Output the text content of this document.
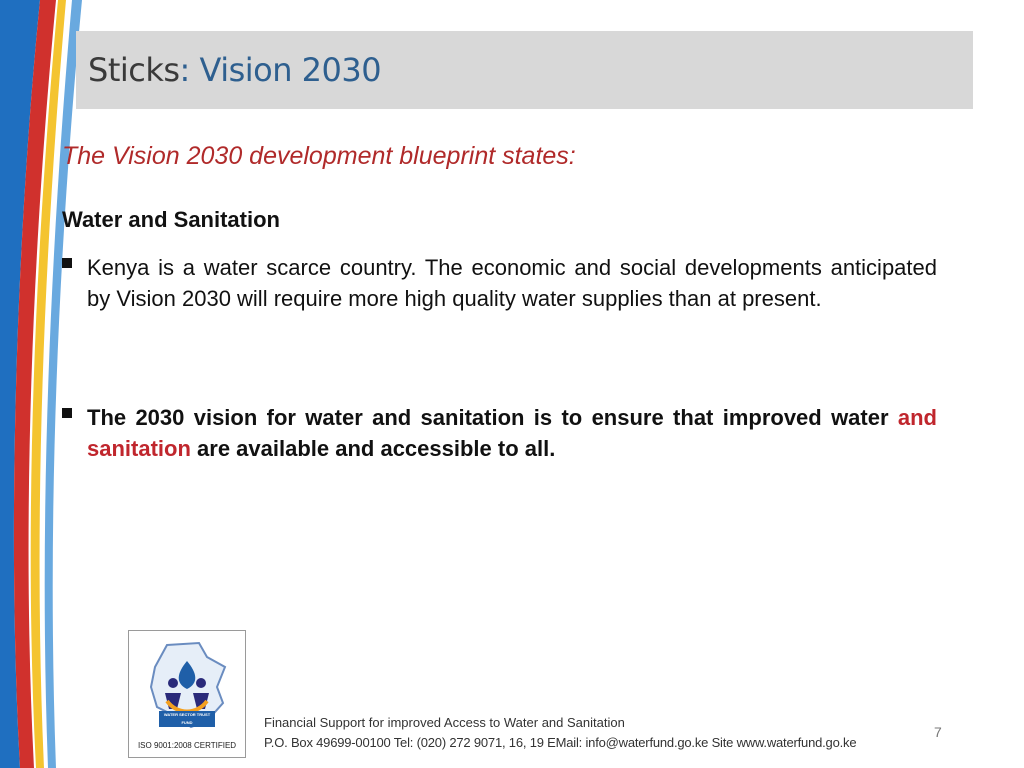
Sticks: Vision 2030

The Vision 2030 development blueprint states:

Water and Sanitation
Kenya is a water scarce country. The economic and social developments anticipated by Vision 2030 will require more high quality water supplies than at present.
The 2030 vision for water and sanitation is to ensure that improved water and sanitation are available and accessible to all.
WATER SECTOR TRUST FUND
ISO 9001:2008 CERTIFIED
Financial Support for improved Access to Water and Sanitation
P.O. Box 49699-00100 Tel: (020) 272 9071, 16, 19 EMail: info@waterfund.go.ke Site www.waterfund.go.ke
7
